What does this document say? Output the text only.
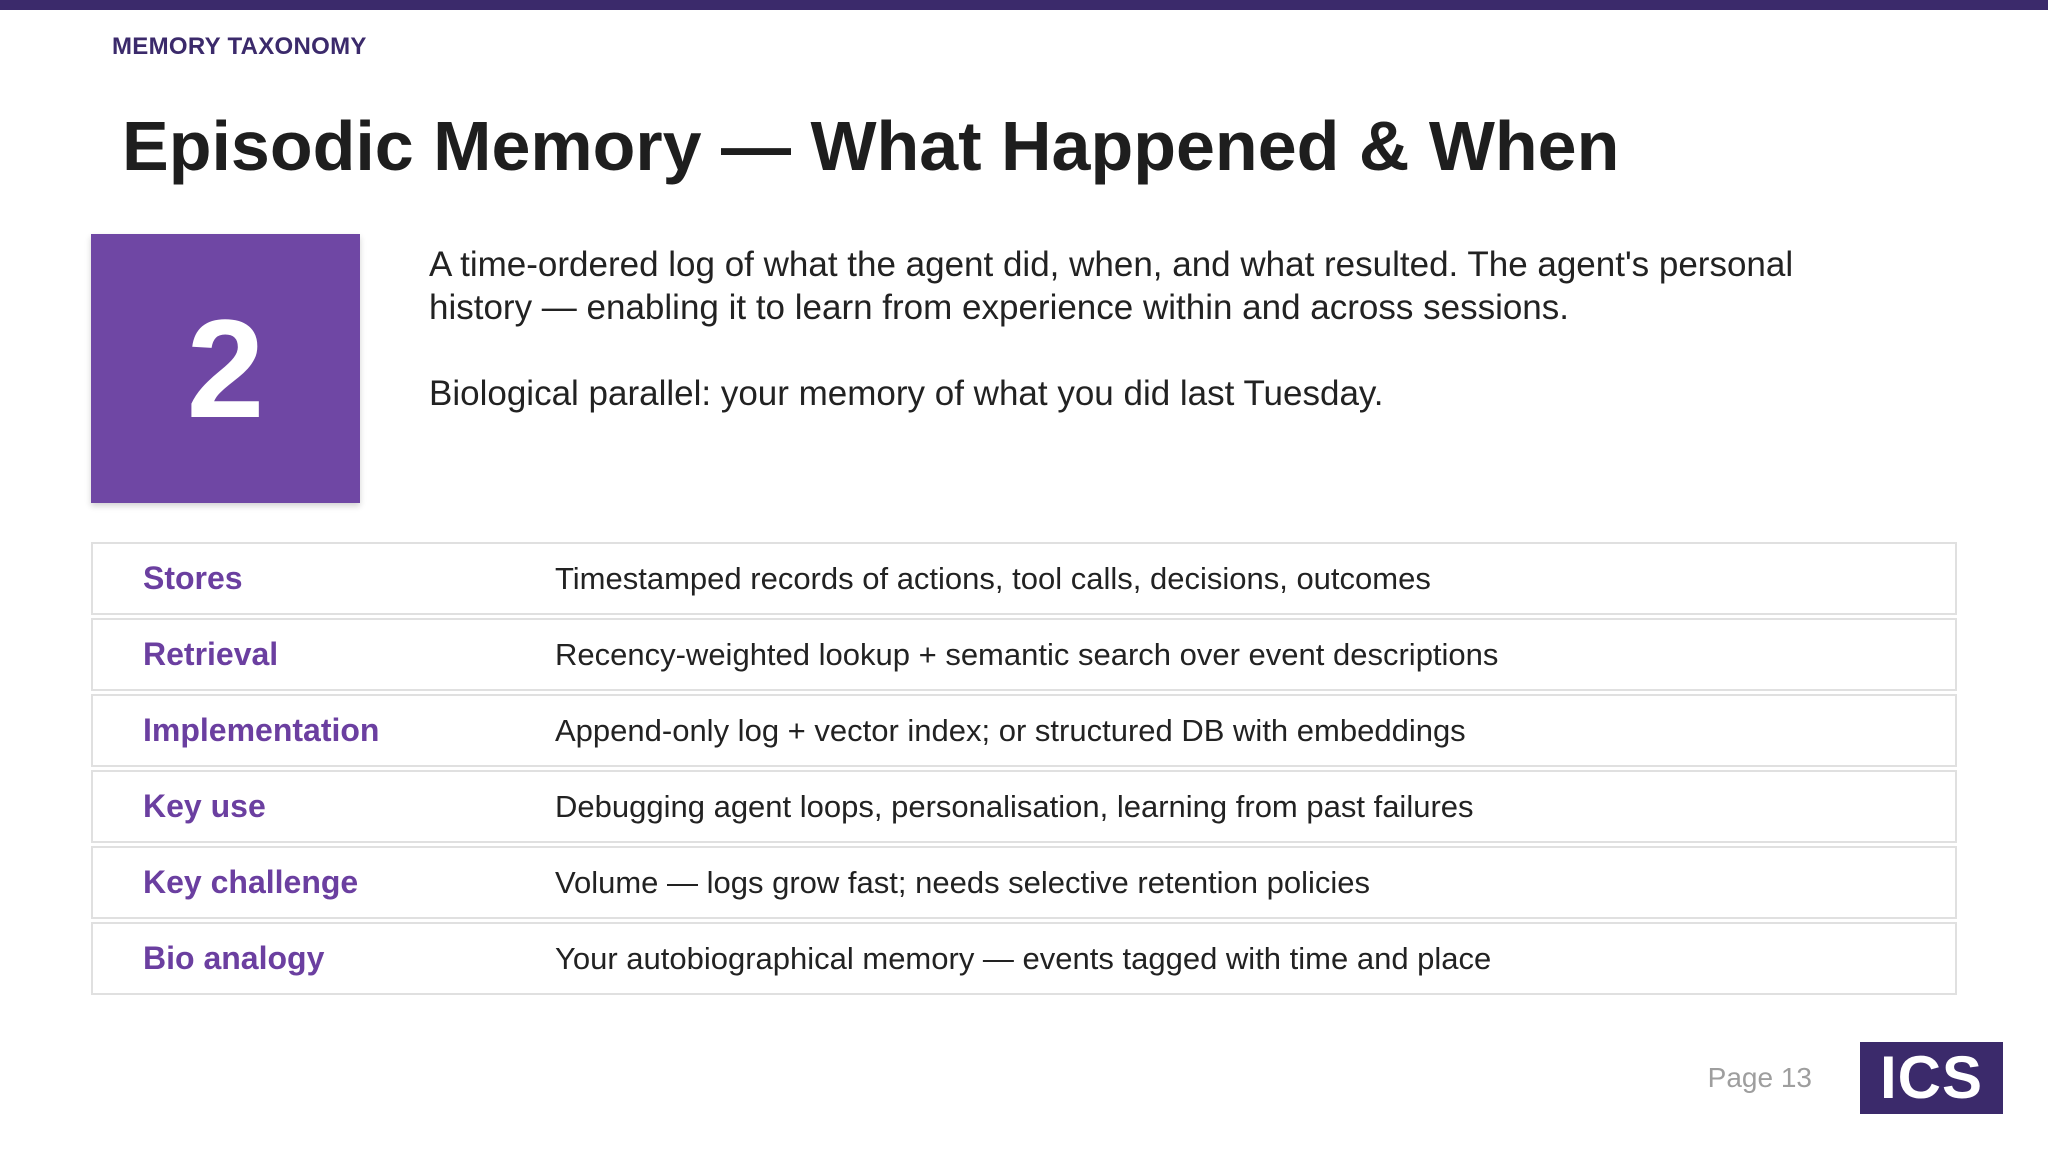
MEMORY TAXONOMY
Episodic Memory — What Happened & When
2

A time-ordered log of what the agent did, when, and what resulted. The agent's personal history — enabling it to learn from experience within and across sessions.

Biological parallel: your memory of what you did last Tuesday.

Stores	Timestamped records of actions, tool calls, decisions, outcomes
Retrieval	Recency-weighted lookup + semantic search over event descriptions
Implementation	Append-only log + vector index; or structured DB with embeddings
Key use	Debugging agent loops, personalisation, learning from past failures
Key challenge	Volume — logs grow fast; needs selective retention policies
Bio analogy	Your autobiographical memory — events tagged with time and place
Page 13 ICS
